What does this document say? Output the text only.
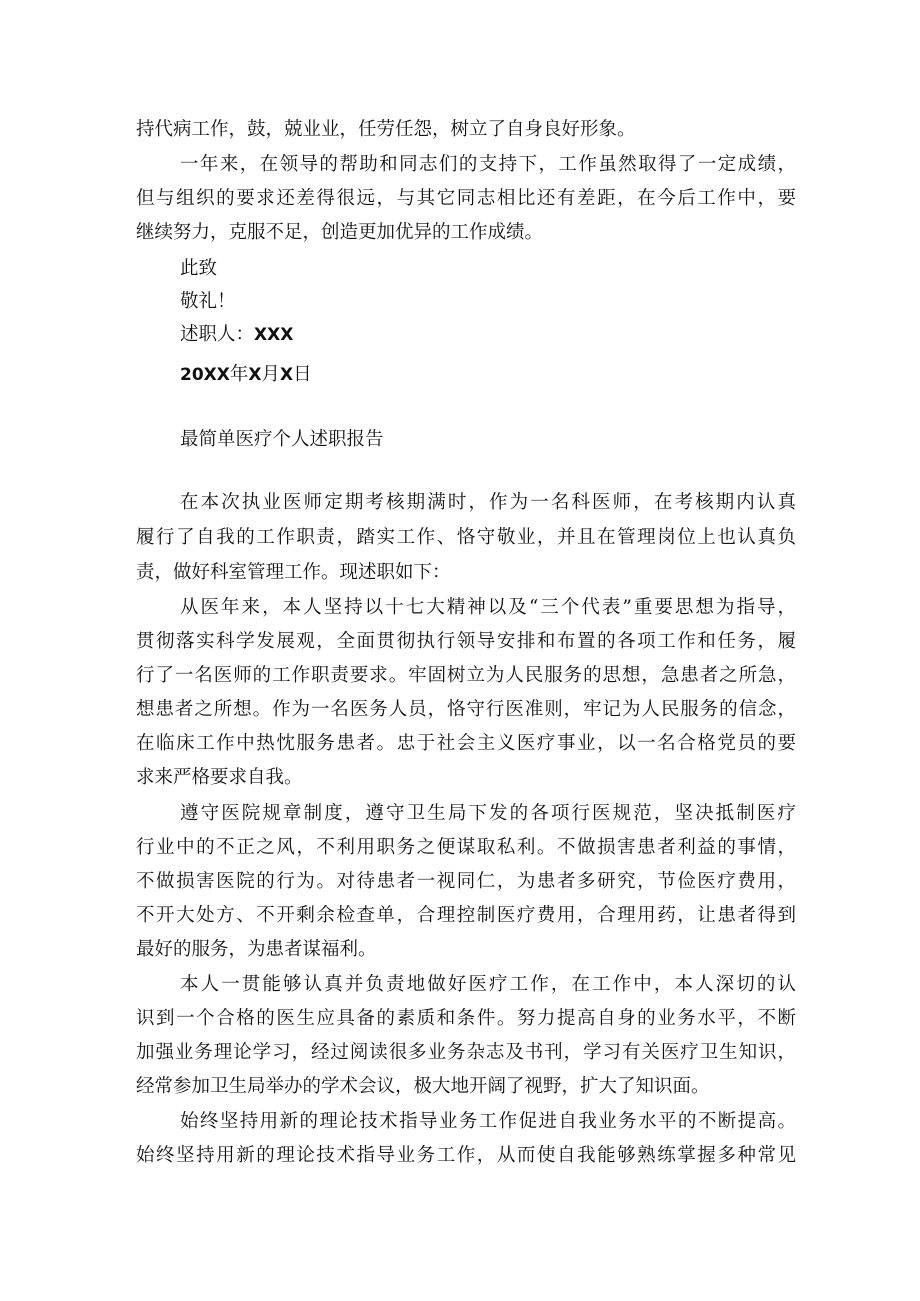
持代病工作，鼓，兢业业，任劳任怨，树立了自身良好形象。
一年来，在领导的帮助和同志们的支持下，工作虽然取得了一定成绩，
但与组织的要求还差得很远，与其它同志相比还有差距，在今后工作中，要
继续努力，克服不足，创造更加优异的工作成绩。
此致
敬礼！
述职人：XXX
20XX年X月X日
最简单医疗个人述职报告
在本次执业医师定期考核期满时，作为一名科医师，在考核期内认真
履行了自我的工作职责，踏实工作、恪守敬业，并且在管理岗位上也认真负
责，做好科室管理工作。现述职如下：
从医年来，本人坚持以十七大精神以及“三个代表”重要思想为指导，
贯彻落实科学发展观，全面贯彻执行领导安排和布置的各项工作和任务，履
行了一名医师的工作职责要求。牢固树立为人民服务的思想，急患者之所急，
想患者之所想。作为一名医务人员，恪守行医准则，牢记为人民服务的信念，
在临床工作中热忱服务患者。忠于社会主义医疗事业，以一名合格党员的要
求来严格要求自我。
遵守医院规章制度，遵守卫生局下发的各项行医规范，坚决抵制医疗
行业中的不正之风，不利用职务之便谋取私利。不做损害患者利益的事情，
不做损害医院的行为。对待患者一视同仁，为患者多研究，节俭医疗费用，
不开大处方、不开剩余检查单，合理控制医疗费用，合理用药，让患者得到
最好的服务，为患者谋福利。
本人一贯能够认真并负责地做好医疗工作，在工作中，本人深切的认
识到一个合格的医生应具备的素质和条件。努力提高自身的业务水平，不断
加强业务理论学习，经过阅读很多业务杂志及书刊，学习有关医疗卫生知识，
经常参加卫生局举办的学术会议，极大地开阔了视野，扩大了知识面。
始终坚持用新的理论技术指导业务工作促进自我业务水平的不断提高。
始终坚持用新的理论技术指导业务工作，从而使自我能够熟练掌握多种常见
